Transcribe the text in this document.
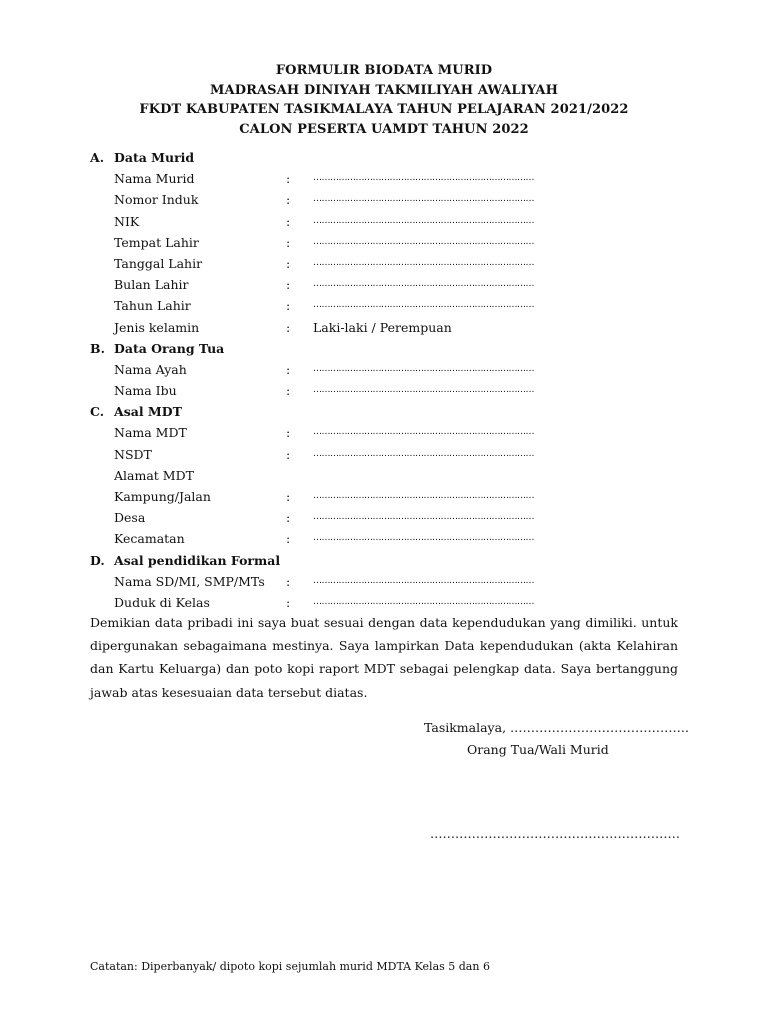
FORMULIR BIODATA MURID
MADRASAH DINIYAH TAKMILIYAH AWALIYAH
FKDT KABUPATEN TASIKMALAYA TAHUN PELAJARAN 2021/2022
CALON PESERTA UAMDT TAHUN 2022
A. Data Murid
Nama Murid	:	……………………………………………………………………
Nomor Induk	:	……………………………………………………………………
NIK	:	……………………………………………………………………
Tempat Lahir	:	……………………………………………………………………
Tanggal Lahir	:	……………………………………………………………………
Bulan Lahir	:	……………………………………………………………………
Tahun Lahir	:	……………………………………………………………………
Jenis kelamin	: Laki-laki / Perempuan
B. Data Orang Tua
Nama Ayah	:	……………………………………………………………………
Nama Ibu	:	……………………………………………………………………
C. Asal MDT
Nama MDT	:	……………………………………………………………………
NSDT	:	……………………………………………………………………
Alamat MDT
Kampung/Jalan	:	……………………………………………………………………
Desa	:	……………………………………………………………………
Kecamatan	:	……………………………………………………………………
D. Asal pendidikan Formal
Nama SD/MI, SMP/MTs :	……………………………………………………………………
Duduk di Kelas	:	……………………………………………………………………
Demikian data pribadi ini saya buat sesuai dengan data kependudukan yang dimiliki. untuk dipergunakan sebagaimana mestinya. Saya lampirkan Data kependudukan (akta Kelahiran dan Kartu Keluarga) dan poto kopi raport MDT sebagai pelengkap data. Saya bertanggung jawab atas kesesuaian data tersebut diatas.
Tasikmalaya, …………………………………….
Orang Tua/Wali Murid
……………………………………………………
Catatan: Diperbanyak/ dipoto kopi sejumlah murid MDTA Kelas 5 dan 6
